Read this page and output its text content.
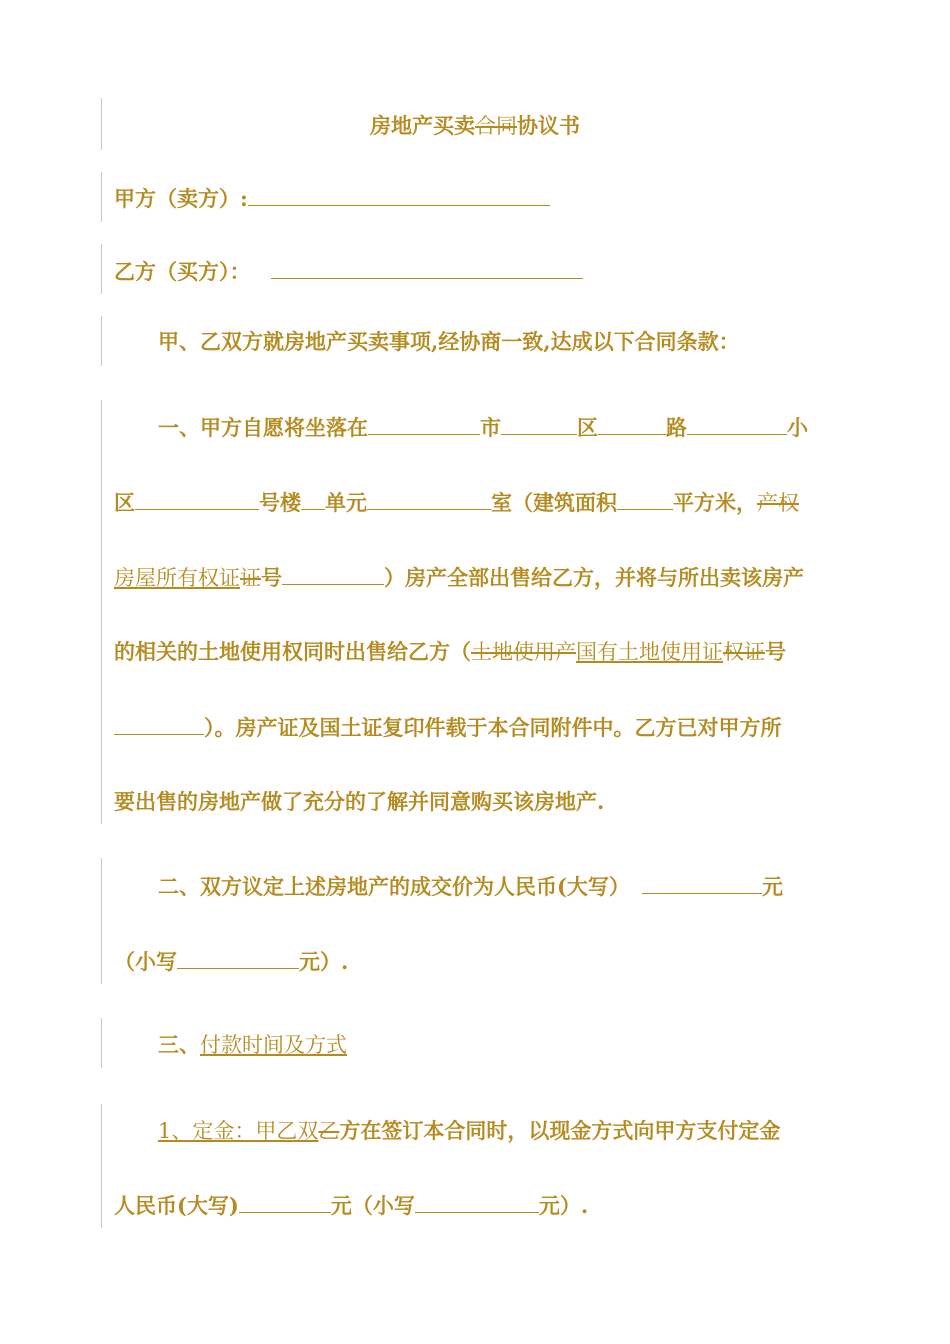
房地产买卖合同协议书
甲方（卖方）:
乙方（买方）：
甲、乙双方就房地产买卖事项,经协商一致,达成以下合同条款：
一、甲方自愿将坐落在	市	区	路	小
区	号楼 单元	室（建筑面积	平方米，产权
房屋所有权证证号	）房产全部出售给乙方，并将与所出卖该房产
的相关的土地使用权同时出售给乙方（土地使用产国有土地使用证权证号
）。房产证及国土证复印件载于本合同附件中。乙方已对甲方所
要出售的房地产做了充分的了解并同意购买该房地产.
二、双方议定上述房地产的成交价为人民币(大写）	元
（小写	元）.
三、付款时间及方式
1、定金：甲乙双乙方在签订本合同时，以现金方式向甲方支付定金
人民币(大写)	元（小写	元）.
